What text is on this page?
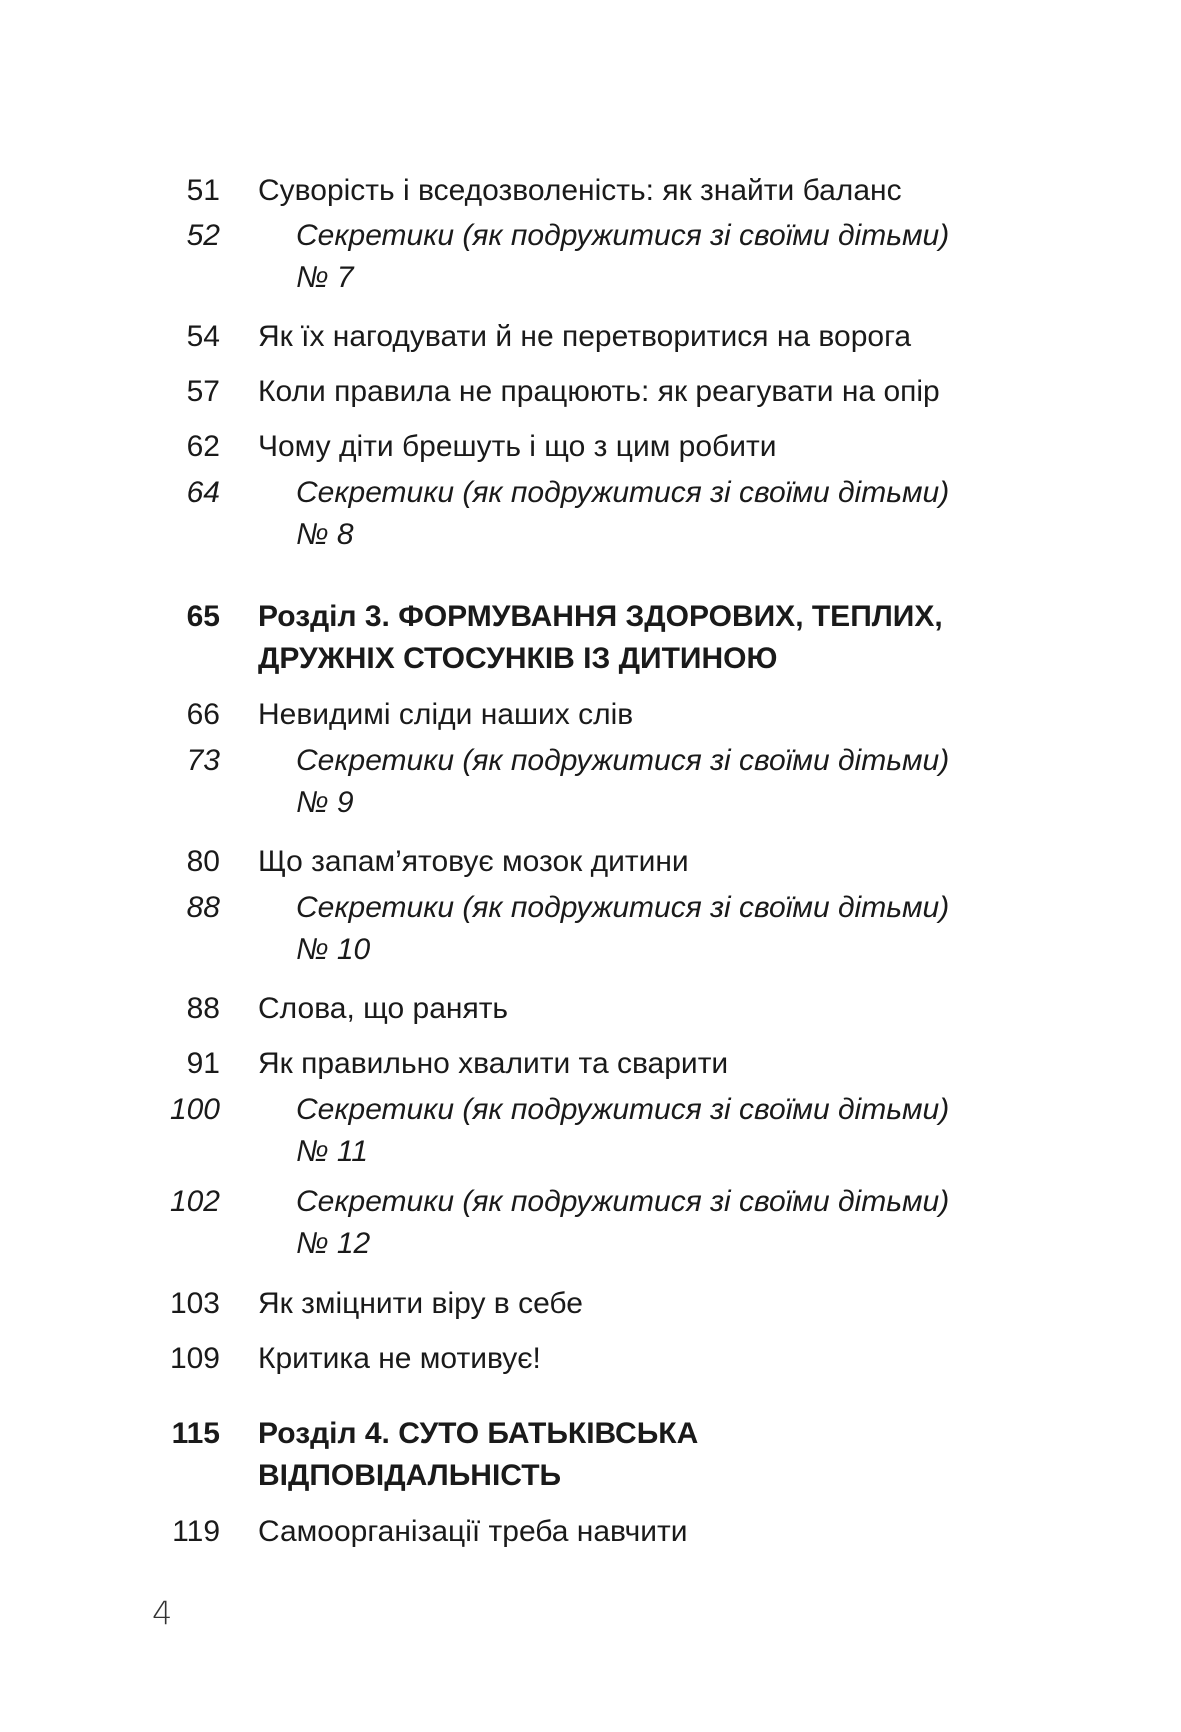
51 Суворість і вседозволеність: як знайти баланс
52	Секретики (як подружитися зі своїми дітьми)
№ 7
54 Як їх нагодувати й не перетворитися на ворога
57 Коли правила не працюють: як реагувати на опір
62 Чому діти брешуть і що з цим робити
64	Секретики (як подружитися зі своїми дітьми)
№ 8
65 Розділ 3. ФОРМУВАННЯ ЗДОРОВИХ, ТЕПЛИХ,
ДРУЖНІХ СТОСУНКІВ ІЗ ДИТИНОЮ
66 Невидимі сліди наших слів
73	Секретики (як подружитися зі своїми дітьми)
№ 9
80 Що запам’ятовує мозок дитини
88	Секретики (як подружитися зі своїми дітьми)
№ 10
88 Слова, що ранять
91 Як правильно хвалити та сварити
100	Секретики (як подружитися зі своїми дітьми)
№ 11
102	Секретики (як подружитися зі своїми дітьми)
№ 12
103 Як зміцнити віру в себе
109 Критика не мотивує!
115 Розділ 4. СУТО БАТЬКІВСЬКА
ВІДПОВІДАЛЬНІСТЬ
119 Самоорганізації треба навчити
4
